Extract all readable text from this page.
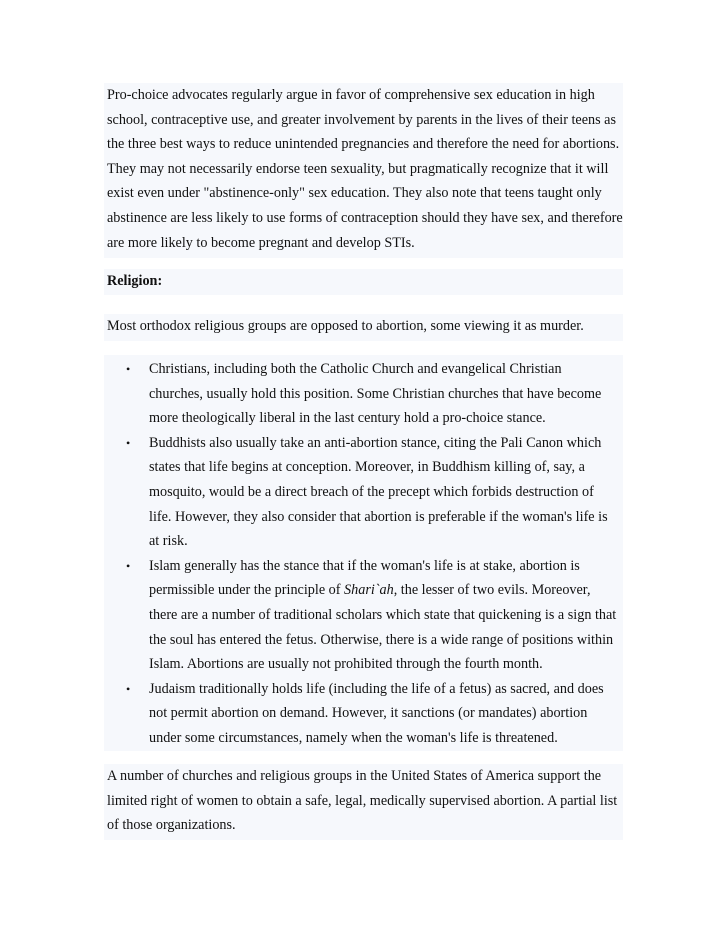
Pro-choice advocates regularly argue in favor of comprehensive sex education in high school, contraceptive use, and greater involvement by parents in the lives of their teens as the three best ways to reduce unintended pregnancies and therefore the need for abortions. They may not necessarily endorse teen sexuality, but pragmatically recognize that it will exist even under "abstinence-only" sex education. They also note that teens taught only abstinence are less likely to use forms of contraception should they have sex, and therefore are more likely to become pregnant and develop STIs.

Religion:

Most orthodox religious groups are opposed to abortion, some viewing it as murder.

• Christians, including both the Catholic Church and evangelical Christian churches, usually hold this position. Some Christian churches that have become more theologically liberal in the last century hold a pro-choice stance.
• Buddhists also usually take an anti-abortion stance, citing the Pali Canon which states that life begins at conception. Moreover, in Buddhism killing of, say, a mosquito, would be a direct breach of the precept which forbids destruction of life. However, they also consider that abortion is preferable if the woman's life is at risk.
• Islam generally has the stance that if the woman's life is at stake, abortion is permissible under the principle of Shari`ah, the lesser of two evils. Moreover, there are a number of traditional scholars which state that quickening is a sign that the soul has entered the fetus. Otherwise, there is a wide range of positions within Islam. Abortions are usually not prohibited through the fourth month.
• Judaism traditionally holds life (including the life of a fetus) as sacred, and does not permit abortion on demand. However, it sanctions (or mandates) abortion under some circumstances, namely when the woman's life is threatened.

A number of churches and religious groups in the United States of America support the limited right of women to obtain a safe, legal, medically supervised abortion. A partial list of those organizations.
